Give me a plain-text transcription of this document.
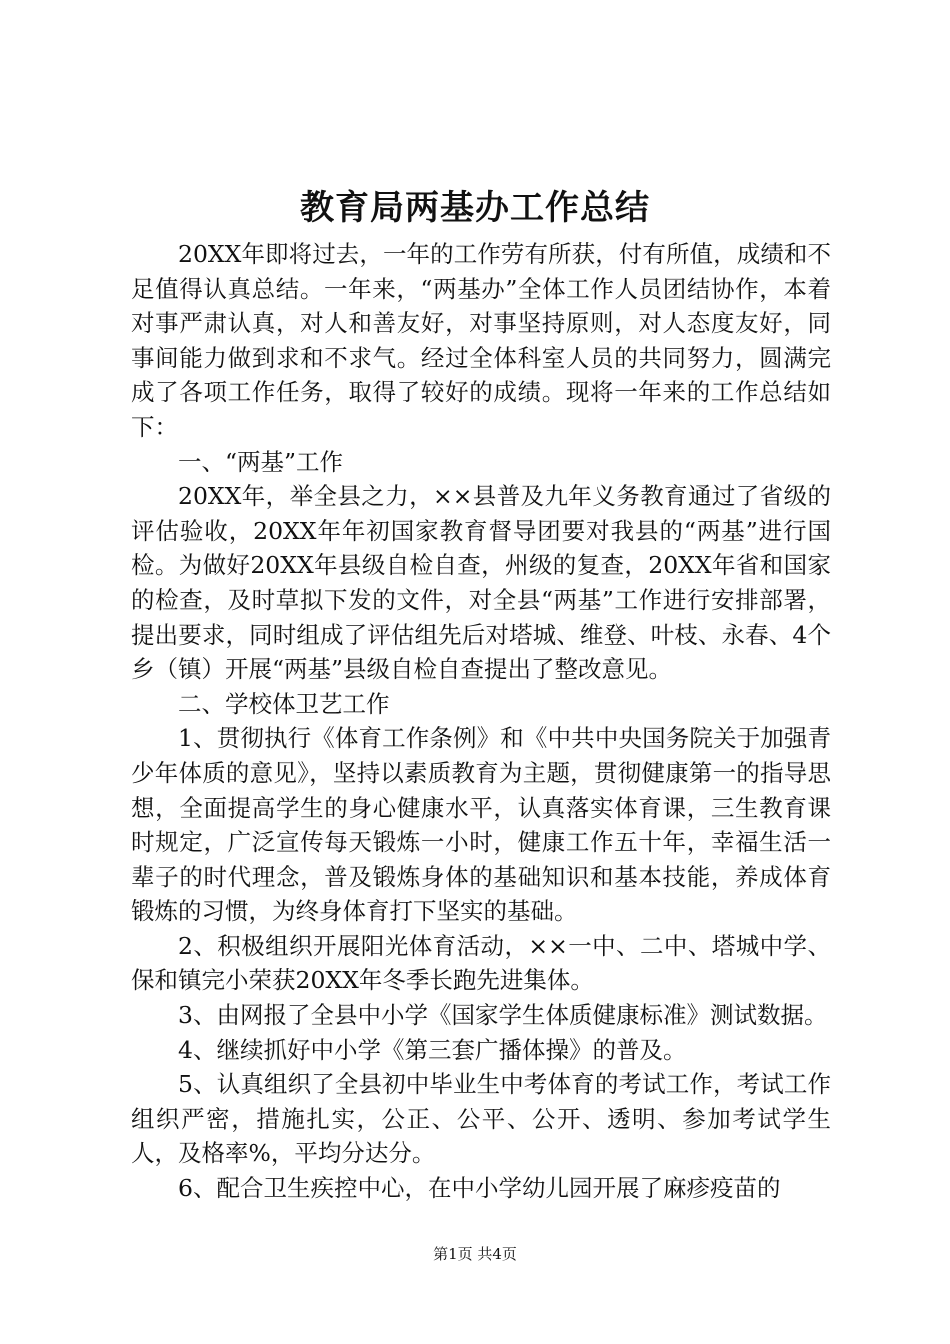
教育局两基办工作总结

20XX年即将过去，一年的工作劳有所获，付有所值，成绩和不足值得认真总结。一年来，“两基办”全体工作人员团结协作，本着对事严肃认真，对人和善友好，对事坚持原则，对人态度友好，同事间能力做到求和不求气。经过全体科室人员的共同努力，圆满完成了各项工作任务，取得了较好的成绩。现将一年来的工作总结如下：

一、“两基”工作

20XX年，举全县之力，××县普及九年义务教育通过了省级的评估验收，20XX年年初国家教育督导团要对我县的“两基”进行国检。为做好20XX年县级自检自查，州级的复查，20XX年省和国家的检查，及时草拟下发的文件，对全县“两基”工作进行安排部署，提出要求，同时组成了评估组先后对塔城、维登、叶枝、永春、4个乡（镇）开展“两基”县级自检自查提出了整改意见。

二、学校体卫艺工作

1、贯彻执行《体育工作条例》和《中共中央国务院关于加强青少年体质的意见》，坚持以素质教育为主题，贯彻健康第一的指导思想，全面提高学生的身心健康水平，认真落实体育课，三生教育课时规定，广泛宣传每天锻炼一小时，健康工作五十年，幸福生活一辈子的时代理念，普及锻炼身体的基础知识和基本技能，养成体育锻炼的习惯，为终身体育打下坚实的基础。

2、积极组织开展阳光体育活动，××一中、二中、塔城中学、保和镇完小荣获20XX年冬季长跑先进集体。

3、由网报了全县中小学《国家学生体质健康标准》测试数据。

4、继续抓好中小学《第三套广播体操》的普及。

5、认真组织了全县初中毕业生中考体育的考试工作，考试工作组织严密，措施扎实，公正、公平、公开、透明、参加考试学生人，及格率%，平均分达分。

6、配合卫生疾控中心，在中小学幼儿园开展了麻疹疫苗的

第1页 共4页
